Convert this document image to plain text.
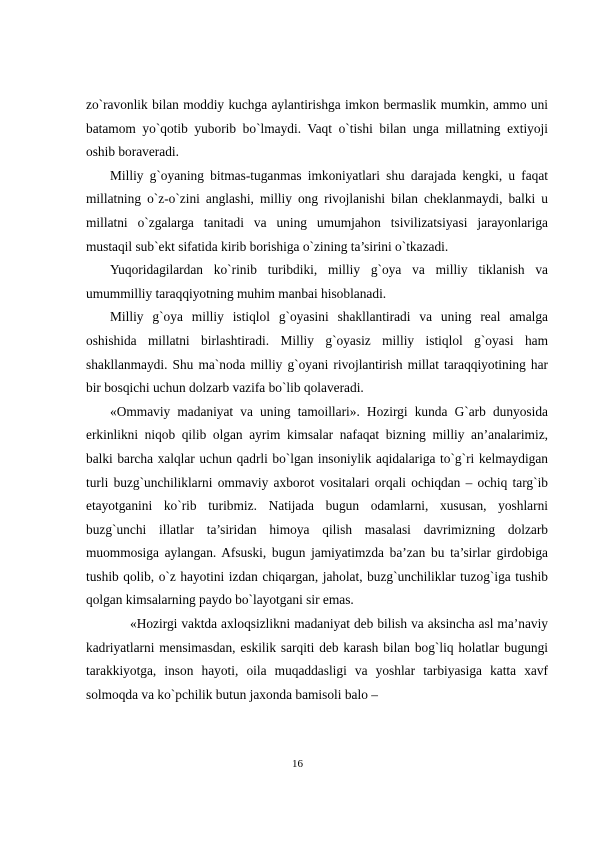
zo`ravonlik bilan moddiy kuchga aylantirishga imkon bermaslik mumkin, ammo uni batamom yo`qotib yuborib bo`lmaydi. Vaqt o`tishi bilan unga millatning extiyoji oshib boraveradi.

Milliy g`oyaning bitmas-tuganmas imkoniyatlari shu darajada kengki, u faqat millatning o`z-o`zini anglashi, milliy ong rivojlanishi bilan cheklanmaydi, balki u millatni o`zgalarga tanitadi va uning umumjahon tsivilizatsiyasi jarayonlariga mustaqil sub`ekt sifatida kirib borishiga o`zining ta’sirini o`tkazadi.

Yuqoridagilardan ko`rinib turibdiki, milliy g`oya va milliy tiklanish va umummilliy taraqqiyotning muhim manbai hisoblanadi.

Milliy g`oya milliy istiqlol g`oyasini shakllantiradi va uning real amalga oshishida millatni birlashtiradi. Milliy g`oyasiz milliy istiqlol g`oyasi ham shakllanmaydi. Shu ma`noda milliy g`oyani rivojlantirish millat taraqqiyotining har bir bosqichi uchun dolzarb vazifa bo`lib qolaveradi.

«Ommaviy madaniyat va uning tamoillari». Hozirgi kunda G`arb dunyosida erkinlikni niqob qilib olgan ayrim kimsalar nafaqat bizning milliy an’analarimiz, balki barcha xalqlar uchun qadrli bo`lgan insoniylik aqidalariga to`g`ri kelmaydigan turli buzg`unchiliklarni ommaviy axborot vositalari orqali ochiqdan – ochiq targ`ib etayotganini ko`rib turibmiz. Natijada bugun odamlarni, xususan, yoshlarni buzg`unchi illatlar ta’siridan himoya qilish masalasi davrimizning dolzarb muommosiga aylangan. Afsuski, bugun jamiyatimzda ba’zan bu ta’sirlar girdobiga tushib qolib, o`z hayotini izdan chiqargan, jaholat, buzg`unchiliklar tuzog`iga tushib qolgan kimsalarning paydo bo`layotgani sir emas.

«Hozirgi vaktda axloqsizlikni madaniyat deb bilish va aksincha asl ma’naviy kadriyatlarni mensimasdan, eskilik sarqiti deb karash bilan bog`liq holatlar bugungi tarakkiyotga, inson hayoti, oila muqaddasligi va yoshlar tarbiyasiga katta xavf solmoqda va ko`pchilik butun jaxonda bamisoli balo –

16
